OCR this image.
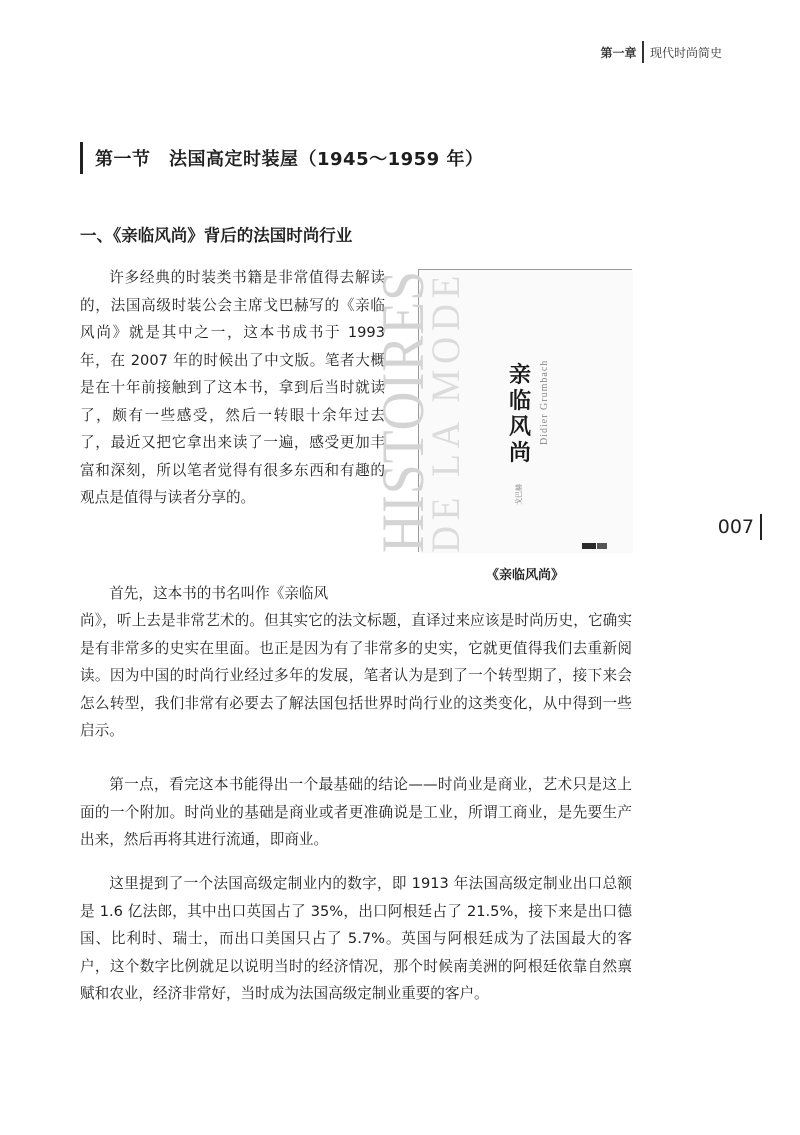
第一章	现代时尚简史
第一节　法国高定时装屋（1945～1959 年）
一、《亲临风尚》背后的法国时尚行业
许多经典的时装类书籍是非常值得去解读的，法国高级时装公会主席戈巴赫写的《亲临风尚》就是其中之一，这本书成书于 1993 年，在 2007 年的时候出了中文版。笔者大概是在十年前接触到了这本书，拿到后当时就读了，颇有一些感受，然后一转眼十余年过去了，最近又把它拿出来读了一遍，感受更加丰富和深刻，所以笔者觉得有很多东西和有趣的观点是值得与读者分享的。	HISTOIRES
DE LA MODE 亲临风尚
Didier Grumbach
戈巴赫
《亲临风尚》
007
首先，这本书的书名叫作《亲临风
尚》，听上去是非常艺术的。但其实它的法文标题，直译过来应该是时尚历史，它确实是有非常多的史实在里面。也正是因为有了非常多的史实，它就更值得我们去重新阅读。因为中国的时尚行业经过多年的发展，笔者认为是到了一个转型期了，接下来会怎么转型，我们非常有必要去了解法国包括世界时尚行业的这类变化，从中得到一些启示。
第一点，看完这本书能得出一个最基础的结论——时尚业是商业，艺术只是这上面的一个附加。时尚业的基础是商业或者更准确说是工业，所谓工商业，是先要生产出来，然后再将其进行流通，即商业。
这里提到了一个法国高级定制业内的数字，即 1913 年法国高级定制业出口总额是 1.6 亿法郎，其中出口英国占了 35%，出口阿根廷占了 21.5%，接下来是出口德国、比利时、瑞士，而出口美国只占了 5.7%。英国与阿根廷成为了法国最大的客户，这个数字比例就足以说明当时的经济情况，那个时候南美洲的阿根廷依靠自然禀赋和农业，经济非常好，当时成为法国高级定制业重要的客户。
